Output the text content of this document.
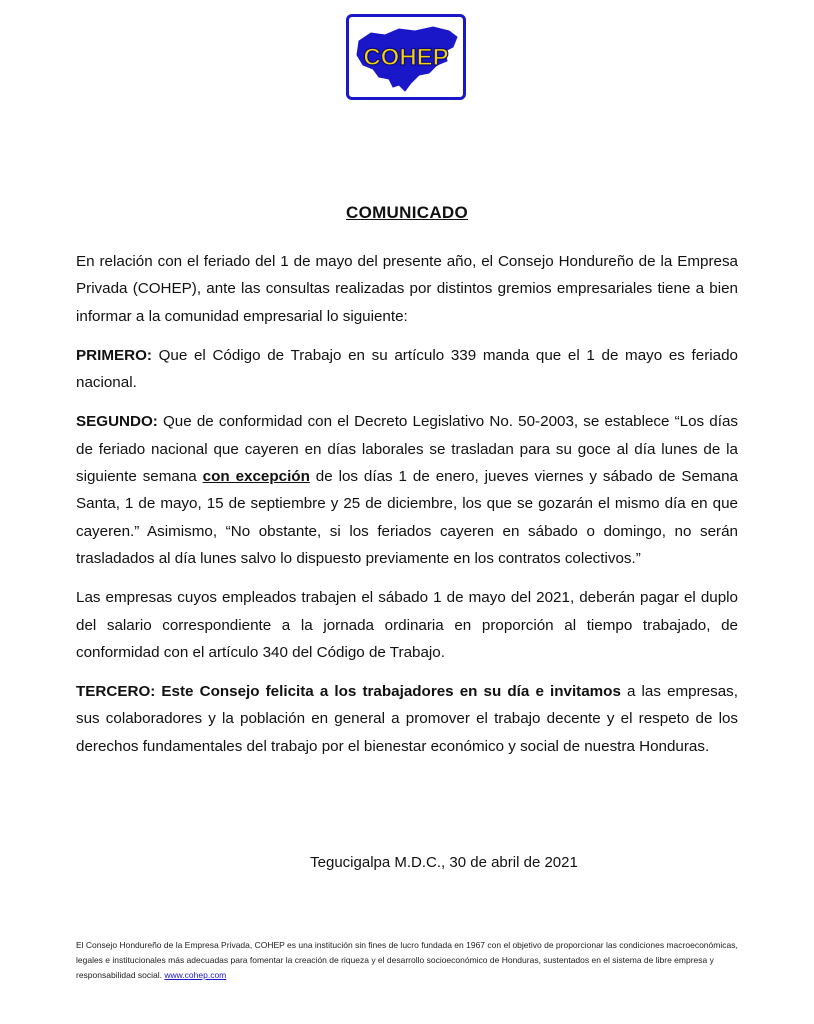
COHEP
COMUNICADO

En relación con el feriado del 1 de mayo del presente año, el Consejo Hondureño de la Empresa Privada (COHEP), ante las consultas realizadas por distintos gremios empresariales tiene a bien informar a la comunidad empresarial lo siguiente:

PRIMERO: Que el Código de Trabajo en su artículo 339 manda que el 1 de mayo es feriado nacional.

SEGUNDO: Que de conformidad con el Decreto Legislativo No. 50-2003, se establece “Los días de feriado nacional que cayeren en días laborales se trasladan para su goce al día lunes de la siguiente semana con excepción de los días 1 de enero, jueves viernes y sábado de Semana Santa, 1 de mayo, 15 de septiembre y 25 de diciembre, los que se gozarán el mismo día en que cayeren.” Asimismo, “No obstante, si los feriados cayeren en sábado o domingo, no serán trasladados al día lunes salvo lo dispuesto previamente en los contratos colectivos.”

Las empresas cuyos empleados trabajen el sábado 1 de mayo del 2021, deberán pagar el duplo del salario correspondiente a la jornada ordinaria en proporción al tiempo trabajado, de conformidad con el artículo 340 del Código de Trabajo.

TERCERO: Este Consejo felicita a los trabajadores en su día e invitamos a las empresas, sus colaboradores y la población en general a promover el trabajo decente y el respeto de los derechos fundamentales del trabajo por el bienestar económico y social de nuestra Honduras.

Tegucigalpa M.D.C., 30 de abril de 2021
El Consejo Hondureño de la Empresa Privada, COHEP es una institución sin fines de lucro fundada en 1967 con el objetivo de proporcionar las condiciones macroeconómicas, legales e institucionales más adecuadas para fomentar la creación de riqueza y el desarrollo socioeconómico de Honduras, sustentados en el sistema de libre empresa y responsabilidad social. www.cohep.com
